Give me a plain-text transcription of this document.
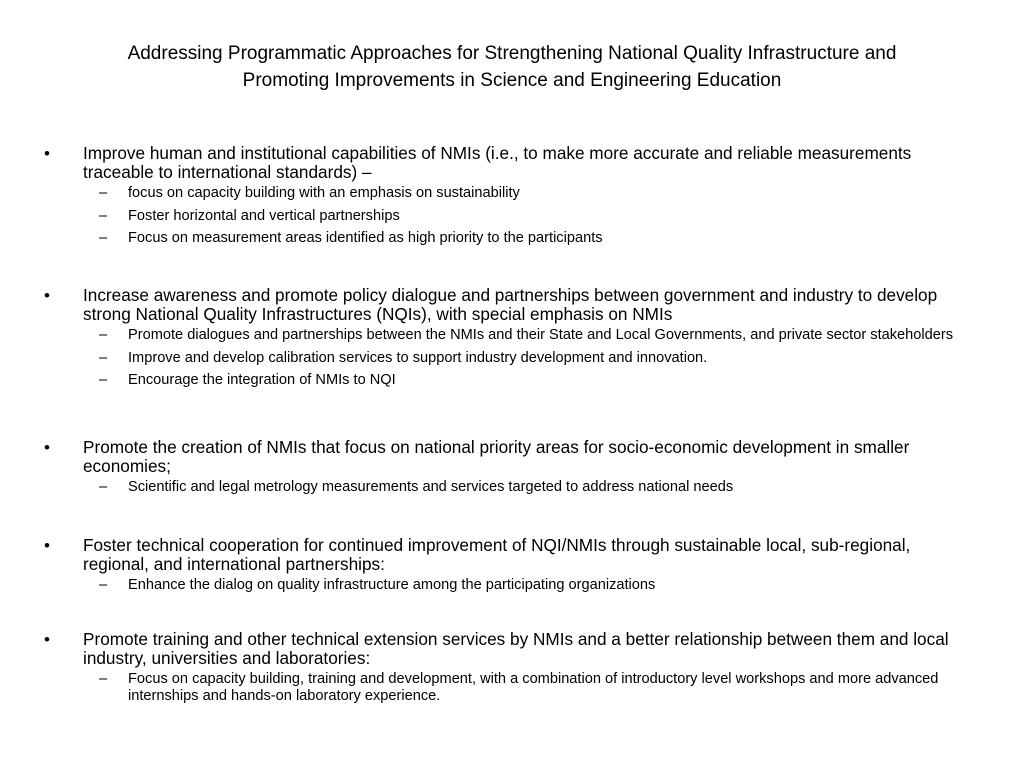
Addressing Programmatic Approaches for Strengthening National Quality Infrastructure and
Promoting Improvements in Science and Engineering Education

• Improve human and institutional capabilities of NMIs (i.e., to make more accurate and reliable measurements traceable to international standards) –

– focus on capacity building with an emphasis on sustainability
– Foster horizontal and vertical partnerships
– Focus on measurement areas identified as high priority to the participants

• Increase awareness and promote policy dialogue and partnerships between government and industry to develop strong National Quality Infrastructures (NQIs), with special emphasis on NMIs

– Promote dialogues and partnerships between the NMIs and their State and Local Governments, and private sector stakeholders
– Improve and develop calibration services to support industry development and innovation.
– Encourage the integration of NMIs to NQI

• Promote the creation of NMIs that focus on national priority areas for socio-economic development in smaller economies;

– Scientific and legal metrology measurements and services targeted to address national needs

• Foster technical cooperation for continued improvement of NQI/NMIs through sustainable local, sub-regional, regional, and international partnerships:

– Enhance the dialog on quality infrastructure among the participating organizations

• Promote training and other technical extension services by NMIs and a better relationship between them and local industry, universities and laboratories:

– Focus on capacity building, training and development, with a combination of introductory level workshops and more advanced internships and hands-on laboratory experience.
